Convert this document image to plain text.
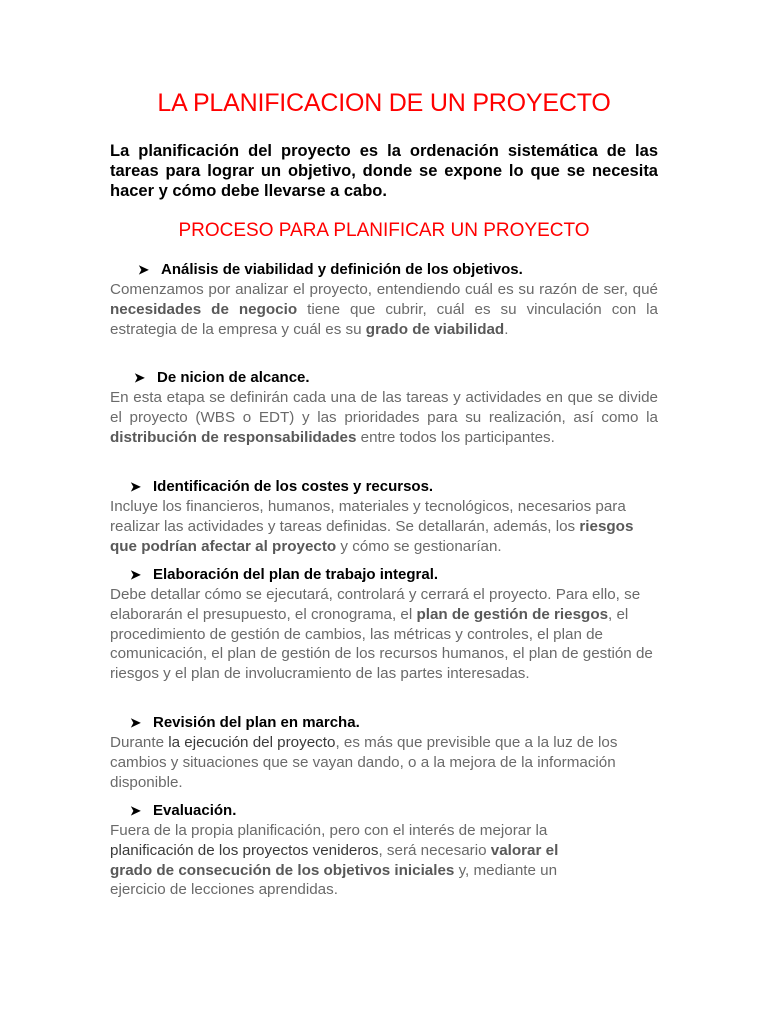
LA PLANIFICACION DE UN PROYECTO

La planificación del proyecto es la ordenación sistemática de las tareas para lograr un objetivo, donde se expone lo que se necesita hacer y cómo debe llevarse a cabo.

PROCESO PARA PLANIFICAR UN PROYECTO
➤ Análisis de viabilidad y definición de los objetivos.

Comenzamos por analizar el proyecto, entendiendo cuál es su razón de ser, qué necesidades de negocio tiene que cubrir, cuál es su vinculación con la estrategia de la empresa y cuál es su grado de viabilidad.

➤ De nicion de alcance.

En esta etapa se definirán cada una de las tareas y actividades en que se divide el proyecto (WBS o EDT) y las prioridades para su realización, así como la distribución de responsabilidades entre todos los participantes.

➤ Identificación de los costes y recursos.

Incluye los financieros, humanos, materiales y tecnológicos, necesarios para realizar las actividades y tareas definidas. Se detallarán, además, los riesgos que podrían afectar al proyecto y cómo se gestionarían.

➤ Elaboración del plan de trabajo integral.

Debe detallar cómo se ejecutará, controlará y cerrará el proyecto. Para ello, se elaborarán el presupuesto, el cronograma, el plan de gestión de riesgos, el procedimiento de gestión de cambios, las métricas y controles, el plan de comunicación, el plan de gestión de los recursos humanos, el plan de gestión de riesgos y el plan de involucramiento de las partes interesadas.

➤ Revisión del plan en marcha.

Durante la ejecución del proyecto, es más que previsible que a la luz de los cambios y situaciones que se vayan dando, o a la mejora de la información disponible.

➤ Evaluación.

Fuera de la propia planificación, pero con el interés de mejorar la planificación de los proyectos venideros, será necesario valorar el grado de consecución de los objetivos iniciales y, mediante un ejercicio de lecciones aprendidas.
